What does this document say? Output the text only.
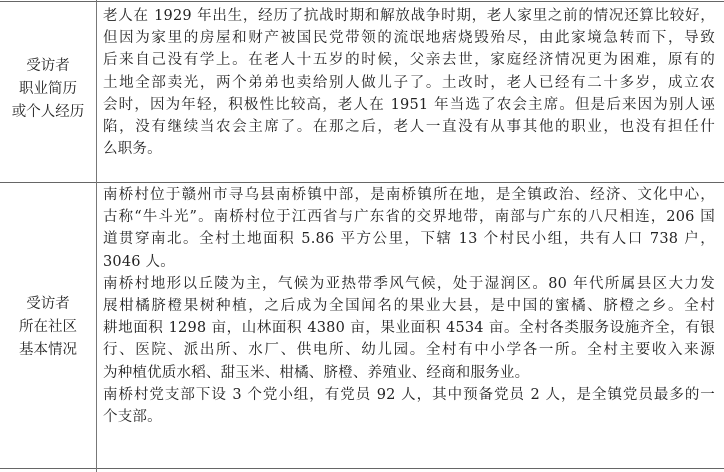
受访者
职业简历
或个人经历
老人在 1929 年出生，经历了抗战时期和解放战争时期，老人家里之前的情况还算比较好，
但因为家里的房屋和财产被国民党带领的流氓地痞烧毁殆尽，由此家境急转而下，导致
后来自己没有学上。在老人十五岁的时候，父亲去世，家庭经济情况更为困难，原有的
土地全部卖光，两个弟弟也卖给别人做儿子了。土改时，老人已经有二十多岁，成立农
会时，因为年轻，积极性比较高，老人在 1951 年当选了农会主席。但是后来因为别人诬
陷，没有继续当农会主席了。在那之后，老人一直没有从事其他的职业，也没有担任什
么职务。
受访者
所在社区
基本情况
南桥村位于赣州市寻乌县南桥镇中部，是南桥镇所在地，是全镇政治、经济、文化中心，
古称“牛斗光”。南桥村位于江西省与广东省的交界地带，南部与广东的八尺相连，206 国
道贯穿南北。全村土地面积 5.86 平方公里，下辖 13 个村民小组，共有人口 738 户，
3046 人。
南桥村地形以丘陵为主，气候为亚热带季风气候，处于湿润区。80 年代所属县区大力发
展柑橘脐橙果树种植，之后成为全国闻名的果业大县，是中国的蜜橘、脐橙之乡。全村
耕地面积 1298 亩，山林面积 4380 亩，果业面积 4534 亩。全村各类服务设施齐全，有银
行、医院、派出所、水厂、供电所、幼儿园。全村有中小学各一所。全村主要收入来源
为种植优质水稻、甜玉米、柑橘、脐橙、养殖业、经商和服务业。
南桥村党支部下设 3 个党小组，有党员 92 人，其中预备党员 2 人，是全镇党员最多的一
个支部。
